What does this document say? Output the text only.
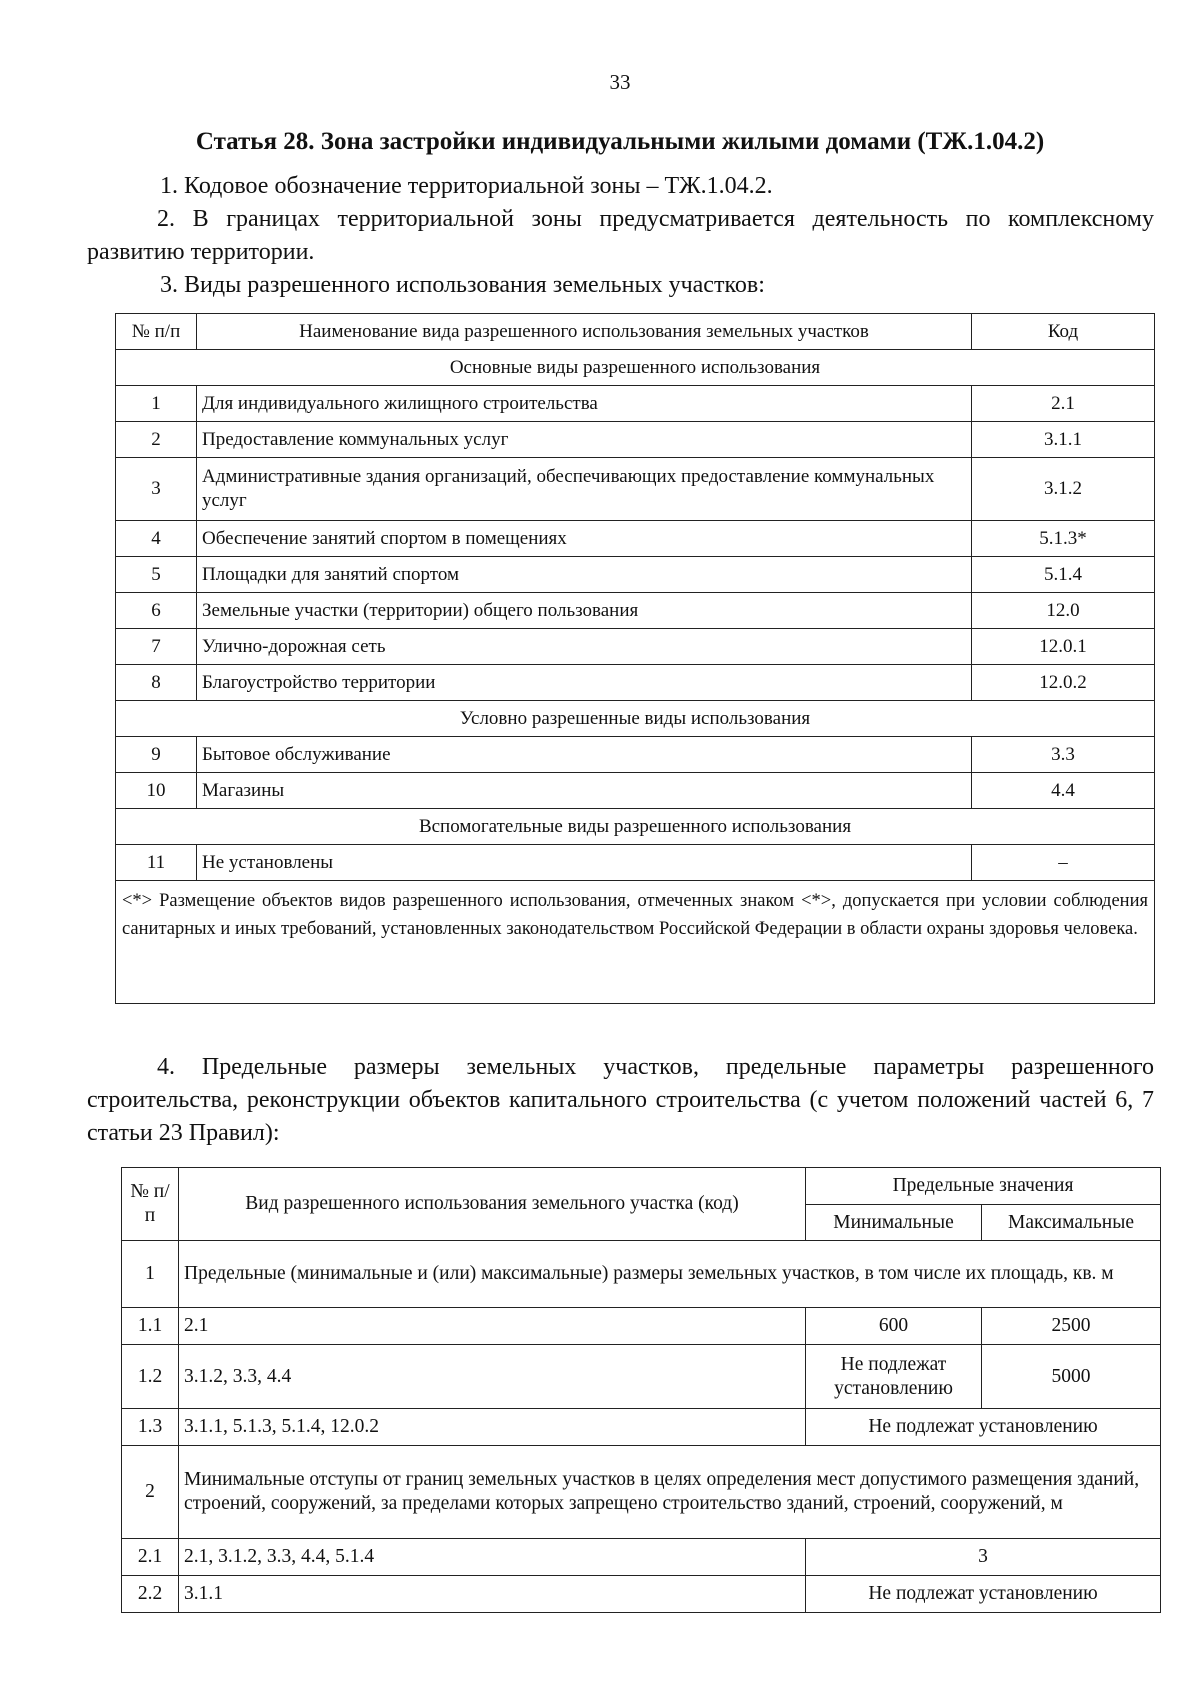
33
Статья 28. Зона застройки индивидуальными жилыми домами (ТЖ.1.04.2)
1. Кодовое обозначение территориальной зоны – ТЖ.1.04.2.
2. В границах территориальной зоны предусматривается деятельность по комплексному развитию территории.
3. Виды разрешенного использования земельных участков:
№ п/п	Наименование вида разрешенного использования земельных участков	Код
Основные виды разрешенного использования		
1	Для индивидуального жилищного строительства	2.1
2	Предоставление коммунальных услуг	3.1.1
3	Административные здания организаций, обеспечивающих предоставление коммунальных услуг	3.1.2
4	Обеспечение занятий спортом в помещениях	5.1.3*
5	Площадки для занятий спортом	5.1.4
6	Земельные участки (территории) общего пользования	12.0
7	Улично-дорожная сеть	12.0.1
8	Благоустройство территории	12.0.2
Условно разрешенные виды использования		
9	Бытовое обслуживание	3.3
10	Магазины	4.4
Вспомогательные виды разрешенного использования		
11	Не установлены	–
<*> Размещение объектов видов разрешенного использования, отмеченных знаком <*>, допускается при условии соблюдения санитарных и иных требований, установленных законодательством Российской Федерации в области охраны здоровья человека.		
4. Предельные размеры земельных участков, предельные параметры разрешенного строительства, реконструкции объектов капитального строительства (с учетом положений частей 6, 7 статьи 23 Правил):
№ п/п	Вид разрешенного использования земельного участка (код)	Предельные значения	
		Минимальные	Максимальные
1	Предельные (минимальные и (или) максимальные) размеры земельных участков, в том числе их площадь, кв. м		
1.1	2.1	600	2500
1.2	3.1.2, 3.3, 4.4	Не подлежат установлению	5000
1.3	3.1.1, 5.1.3, 5.1.4, 12.0.2	Не подлежат установлению	
2	Минимальные отступы от границ земельных участков в целях определения мест допустимого размещения зданий, строений, сооружений, за пределами которых запрещено строительство зданий, строений, сооружений, м		
2.1	2.1, 3.1.2, 3.3, 4.4, 5.1.4	3	
2.2	3.1.1	Не подлежат установлению	
